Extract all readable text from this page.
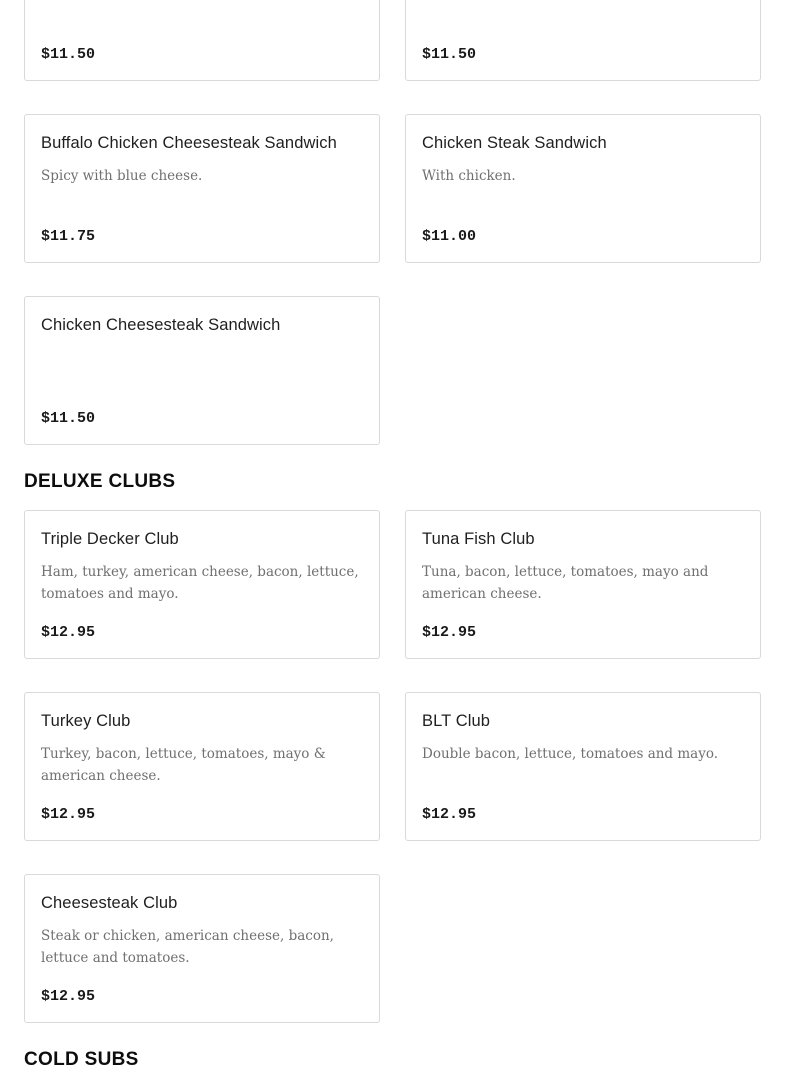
$11.50	$11.50
Buffalo Chicken Cheesesteak Sandwich
Spicy with blue cheese.
$11.75
Chicken Steak Sandwich
With chicken.
$11.00
Chicken Cheesesteak Sandwich
$11.50
DELUXE CLUBS
Triple Decker Club
Ham, turkey, american cheese, bacon, lettuce, tomatoes and mayo.
$12.95
Tuna Fish Club
Tuna, bacon, lettuce, tomatoes, mayo and american cheese.
$12.95
Turkey Club
Turkey, bacon, lettuce, tomatoes, mayo & american cheese.
$12.95
BLT Club
Double bacon, lettuce, tomatoes and mayo.
$12.95
Cheesesteak Club
Steak or chicken, american cheese, bacon, lettuce and tomatoes.
$12.95
COLD SUBS
